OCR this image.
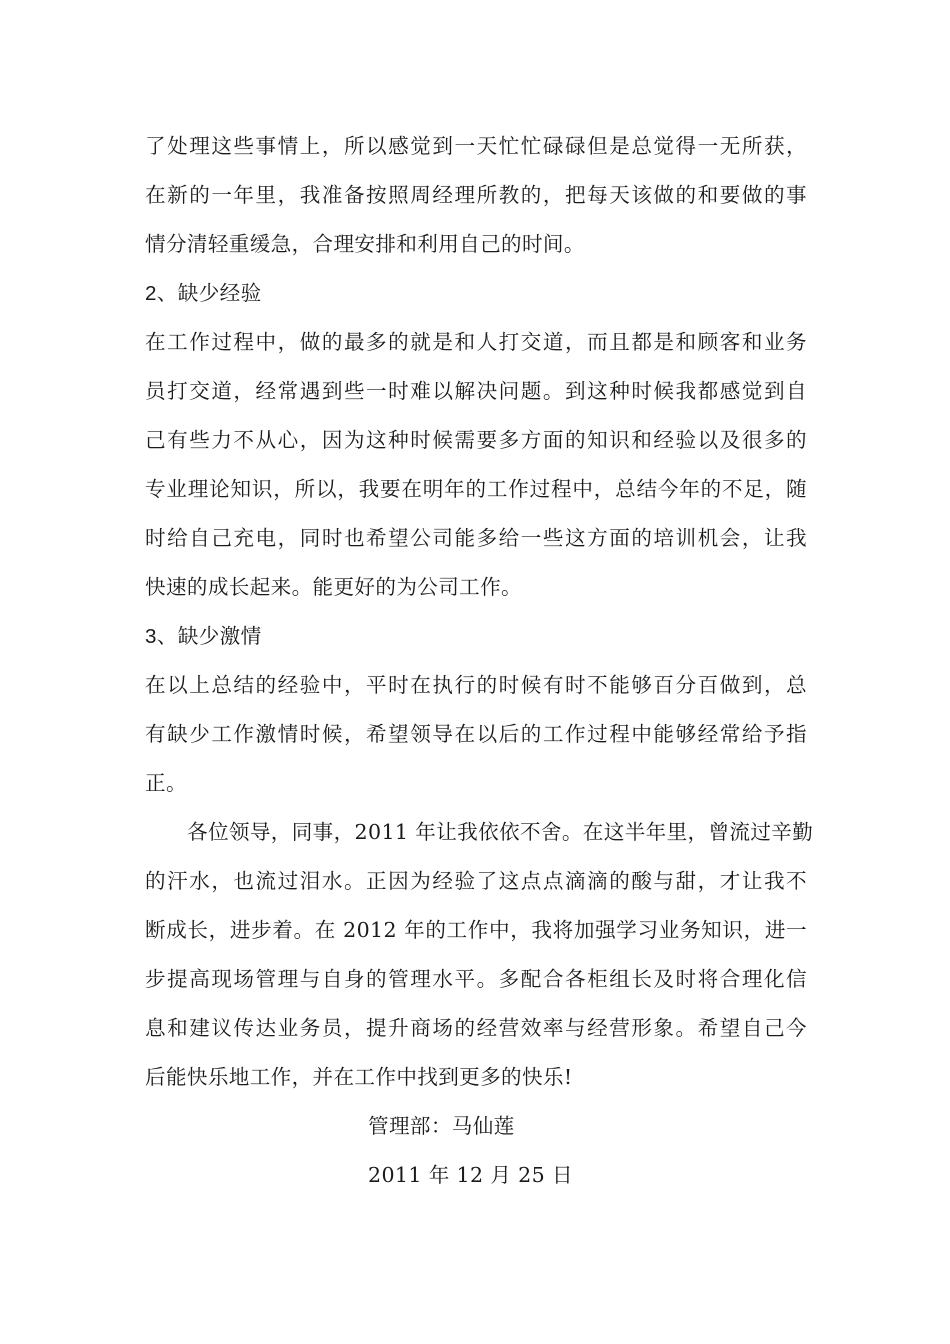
了处理这些事情上，所以感觉到一天忙忙碌碌但是总觉得一无所获，
在新的一年里，我准备按照周经理所教的，把每天该做的和要做的事
情分清轻重缓急，合理安排和利用自己的时间。
2、缺少经验
在工作过程中，做的最多的就是和人打交道，而且都是和顾客和业务
员打交道，经常遇到些一时难以解决问题。到这种时候我都感觉到自
己有些力不从心，因为这种时候需要多方面的知识和经验以及很多的
专业理论知识，所以，我要在明年的工作过程中，总结今年的不足，随
时给自己充电，同时也希望公司能多给一些这方面的培训机会，让我
快速的成长起来。能更好的为公司工作。
3、缺少激情
在以上总结的经验中，平时在执行的时候有时不能够百分百做到，总
有缺少工作激情时候，希望领导在以后的工作过程中能够经常给予指
正。
各位领导，同事，2011 年让我依依不舍。在这半年里，曾流过辛勤
的汗水，也流过泪水。正因为经验了这点点滴滴的酸与甜，才让我不
断成长，进步着。在 2012 年的工作中，我将加强学习业务知识，进一
步提高现场管理与自身的管理水平。多配合各柜组长及时将合理化信
息和建议传达业务员，提升商场的经营效率与经营形象。希望自己今
后能快乐地工作，并在工作中找到更多的快乐!
管理部：马仙莲
2011 年 12 月 25 日
